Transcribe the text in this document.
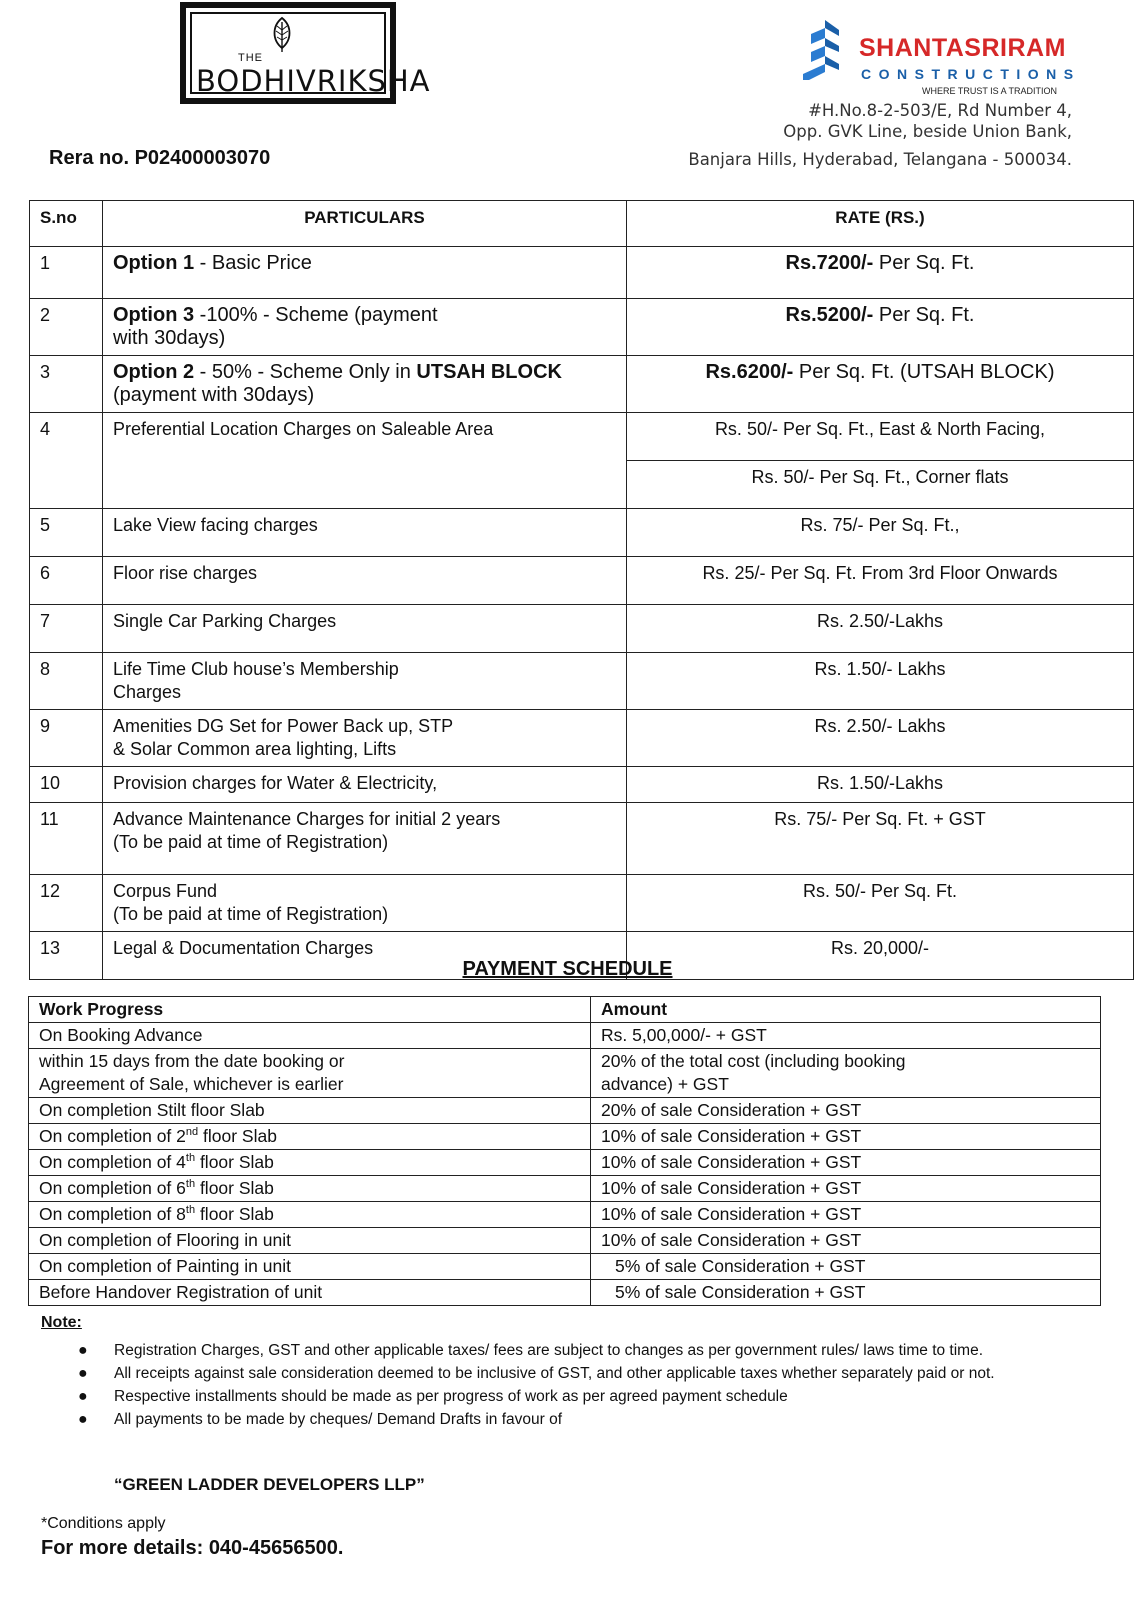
THE
BODHIVRIKSHA
SHANTASRIRAM
CONSTRUCTIONS
WHERE TRUST IS A TRADITION
#H.No.8-2-503/E, Rd Number 4,
Opp. GVK Line, beside Union Bank,
Banjara Hills, Hyderabad, Telangana - 500034.
Rera no. P02400003070
S.no	PARTICULARS	RATE (RS.)
1	Option 1 - Basic Price	Rs.7200/- Per Sq. Ft.
2	Option 3 -100% - Scheme (payment
with 30days)	Rs.5200/- Per Sq. Ft.
3	Option 2 - 50% - Scheme Only in UTSAH BLOCK
(payment with 30days)	Rs.6200/- Per Sq. Ft. (UTSAH BLOCK)
4	Preferential Location Charges on Saleable Area	Rs. 50/- Per Sq. Ft., East & North Facing,
		Rs. 50/- Per Sq. Ft., Corner flats
5	Lake View facing charges	Rs. 75/- Per Sq. Ft.,
6	Floor rise charges	Rs. 25/- Per Sq. Ft. From 3rd Floor Onwards
7	Single Car Parking Charges	Rs. 2.50/-Lakhs
8	Life Time Club house’s Membership
Charges	Rs. 1.50/- Lakhs
9	Amenities DG Set for Power Back up, STP
& Solar Common area lighting, Lifts	Rs. 2.50/- Lakhs
10	Provision charges for Water & Electricity,	Rs. 1.50/-Lakhs
11	Advance Maintenance Charges for initial 2 years
(To be paid at time of Registration)	Rs. 75/- Per Sq. Ft. + GST
12	Corpus Fund
(To be paid at time of Registration)	Rs. 50/- Per Sq. Ft.
13	Legal & Documentation Charges	Rs. 20,000/-
PAYMENT SCHEDULE
Work Progress	Amount
On Booking Advance	Rs. 5,00,000/- + GST
within 15 days from the date booking or
Agreement of Sale, whichever is earlier	20% of the total cost (including booking
advance) + GST
On completion Stilt floor Slab	20% of sale Consideration + GST
On completion of 2nd floor Slab	10% of sale Consideration + GST
On completion of 4th floor Slab	10% of sale Consideration + GST
On completion of 6th floor Slab	10% of sale Consideration + GST
On completion of 8th floor Slab	10% of sale Consideration + GST
On completion of Flooring in unit	10% of sale Consideration + GST
On completion of Painting in unit	5% of sale Consideration + GST
Before Handover Registration of unit	5% of sale Consideration + GST
Note:
● Registration Charges, GST and other applicable taxes/ fees are subject to changes as per government rules/ laws time to time.
● All receipts against sale consideration deemed to be inclusive of GST, and other applicable taxes whether separately paid or not.
● Respective installments should be made as per progress of work as per agreed payment schedule
● All payments to be made by cheques/ Demand Drafts in favour of
“GREEN LADDER DEVELOPERS LLP”
*Conditions apply
For more details: 040-45656500.
